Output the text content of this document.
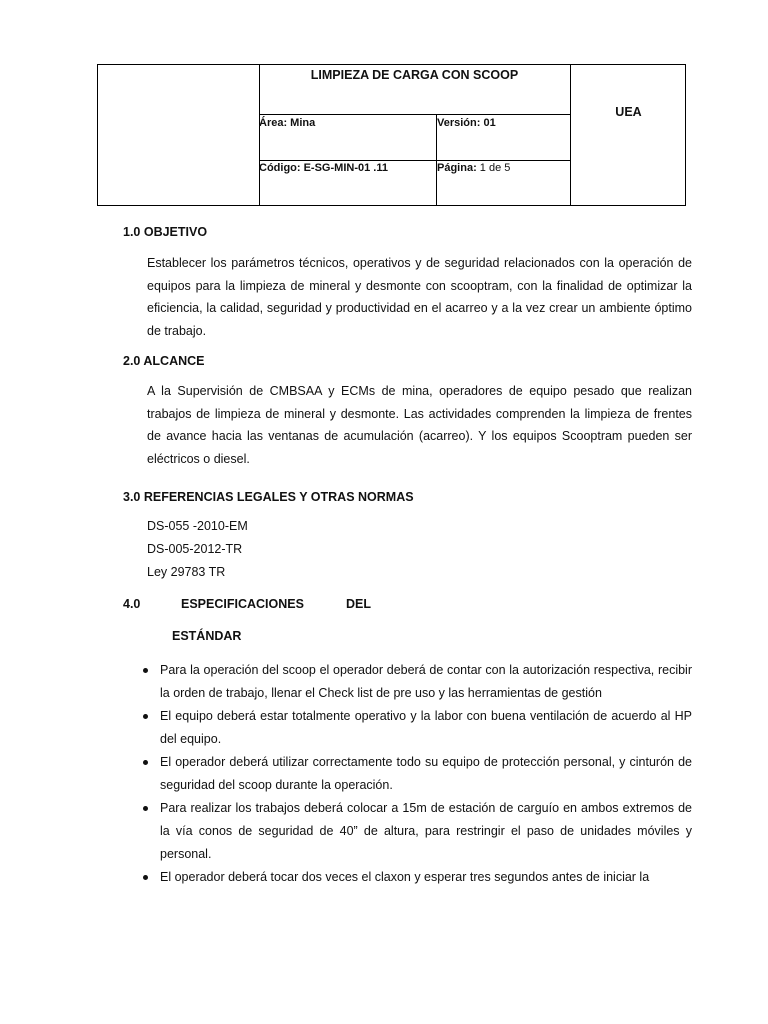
LIMPIEZA DE CARGA CON SCOOP
UEA
Área: Mina	Versión: 01
Código: E-SG-MIN-01 .11	Página: 1 de 5
1.0 OBJETIVO
Establecer los parámetros técnicos, operativos y de seguridad relacionados con la operación de equipos para la limpieza de mineral y desmonte con scooptram, con la finalidad de optimizar la eficiencia, la calidad, seguridad y productividad en el acarreo y a la vez crear un ambiente óptimo de trabajo.
2.0 ALCANCE
A la Supervisión de CMBSAA y ECMs de mina, operadores de equipo pesado que realizan trabajos de limpieza de mineral y desmonte. Las actividades comprenden la limpieza de frentes de avance hacia las ventanas de acumulación (acarreo). Y los equipos Scooptram pueden ser eléctricos o diesel.
3.0 REFERENCIAS LEGALES Y OTRAS NORMAS
DS-055 -2010-EM
DS-005-2012-TR
Ley 29783 TR
4.0	ESPECIFICACIONES	DEL
ESTÁNDAR
Para la operación del scoop el operador deberá de contar con la autorización respectiva, recibir la orden de trabajo, llenar el Check list de pre uso y las herramientas de gestión
El equipo deberá estar totalmente operativo y la labor con buena ventilación de acuerdo al HP del equipo.
El operador deberá utilizar correctamente todo su equipo de protección personal, y cinturón de seguridad del scoop durante la operación.
Para realizar los trabajos deberá colocar a 15m de estación de carguío en ambos extremos de la vía conos de seguridad de 40” de altura, para restringir el paso de unidades móviles y personal.
El operador deberá tocar dos veces el claxon y esperar tres segundos antes de iniciar la
